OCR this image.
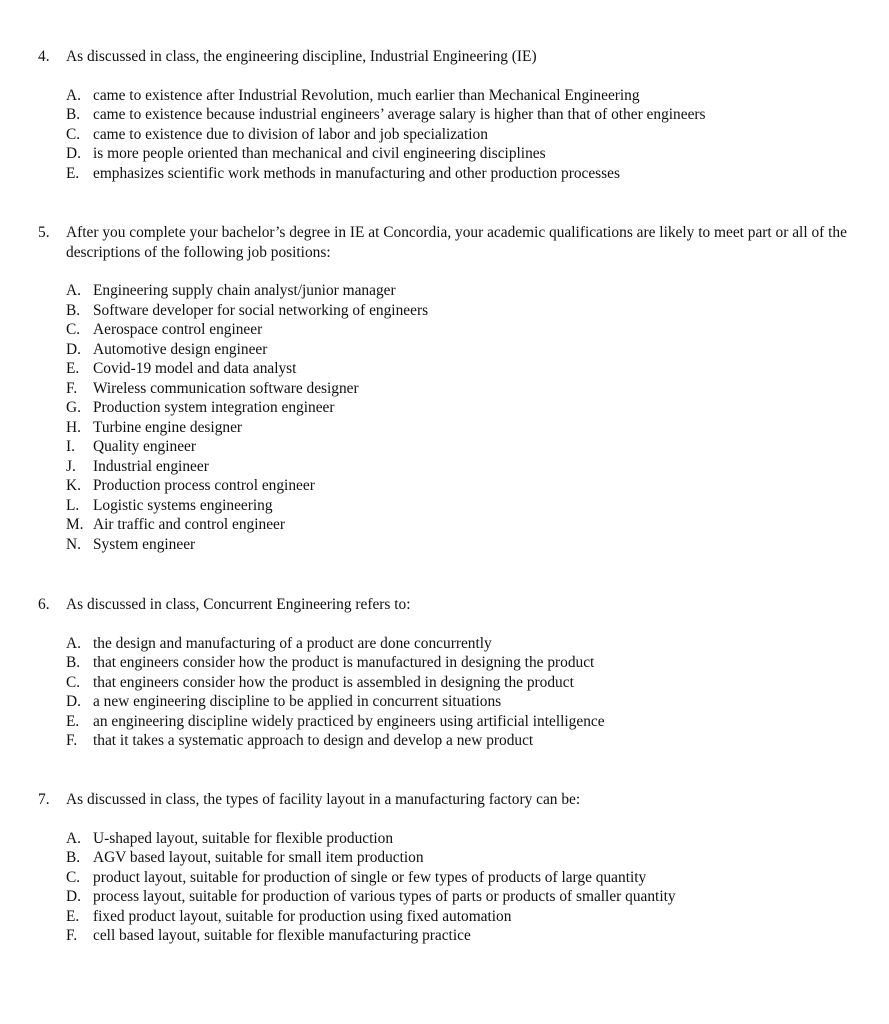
4.	As discussed in class, the engineering discipline, Industrial Engineering (IE)
A. came to existence after Industrial Revolution, much earlier than Mechanical Engineering
B. came to existence because industrial engineers’ average salary is higher than that of other engineers
C. came to existence due to division of labor and job specialization
D. is more people oriented than mechanical and civil engineering disciplines
E. emphasizes scientific work methods in manufacturing and other production processes
5.	After you complete your bachelor’s degree in IE at Concordia, your academic qualifications are likely to meet part or all of the descriptions of the following job positions:
A. Engineering supply chain analyst/junior manager
B. Software developer for social networking of engineers
C. Aerospace control engineer
D. Automotive design engineer
E. Covid-19 model and data analyst
F.	Wireless communication software designer
G. Production system integration engineer
H. Turbine engine designer
I.	Quality engineer
J.	Industrial engineer
K. Production process control engineer
L. Logistic systems engineering
M. Air traffic and control engineer
N. System engineer
6.	As discussed in class, Concurrent Engineering refers to:
A. the design and manufacturing of a product are done concurrently
B. that engineers consider how the product is manufactured in designing the product
C. that engineers consider how the product is assembled in designing the product
D. a new engineering discipline to be applied in concurrent situations
E. an engineering discipline widely practiced by engineers using artificial intelligence
F.	that it takes a systematic approach to design and develop a new product
7.	As discussed in class, the types of facility layout in a manufacturing factory can be:
A. U-shaped layout, suitable for flexible production
B. AGV based layout, suitable for small item production
C. product layout, suitable for production of single or few types of products of large quantity
D. process layout, suitable for production of various types of parts or products of smaller quantity
E. fixed product layout, suitable for production using fixed automation
F.	cell based layout, suitable for flexible manufacturing practice
